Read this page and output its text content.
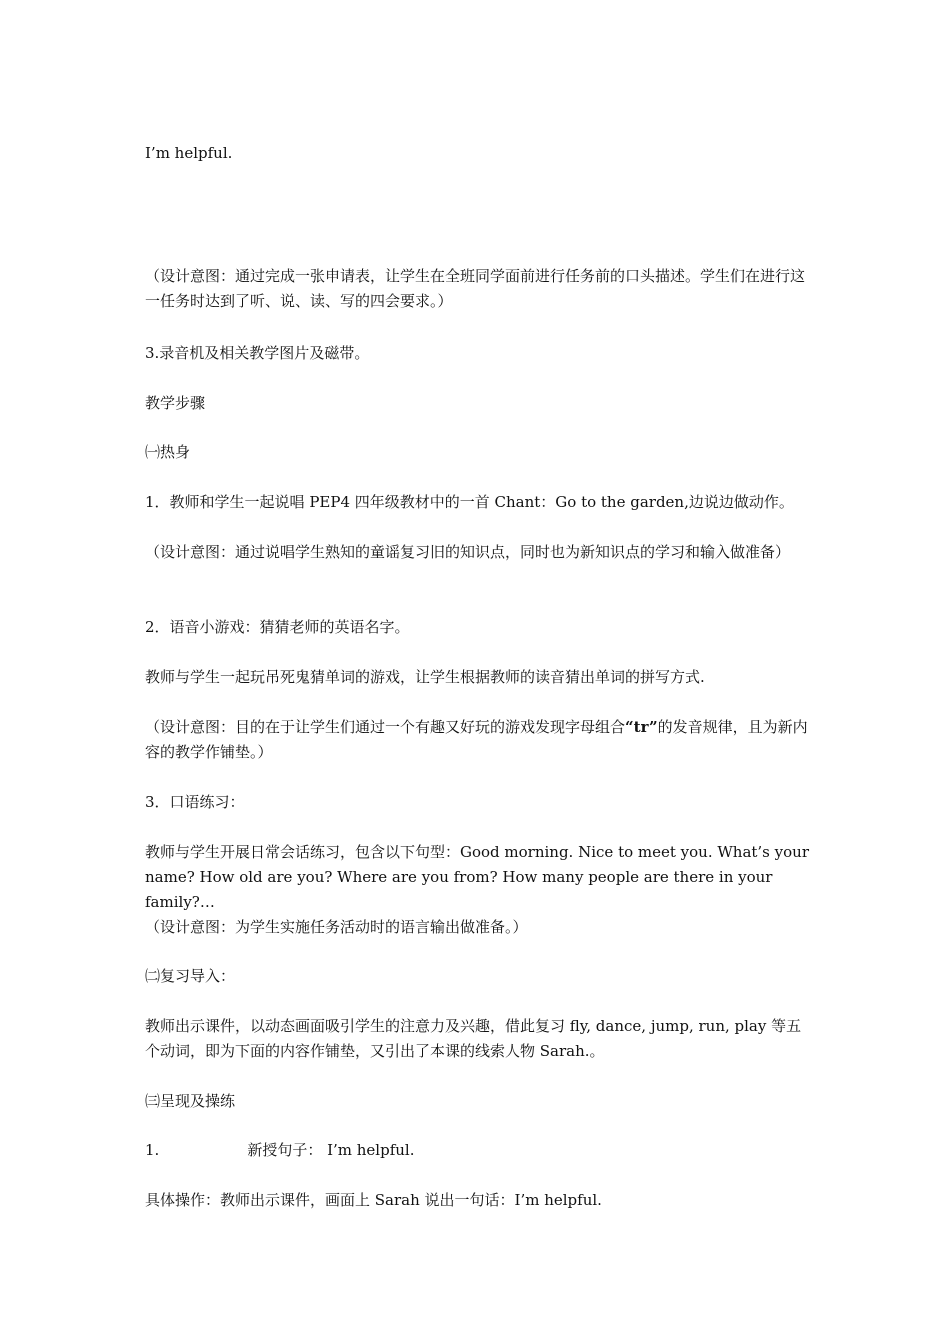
I’m helpful.
（设计意图：通过完成一张申请表，让学生在全班同学面前进行任务前的口头描述。学生们在进行这一任务时达到了听、说、读、写的四会要求。）
3.录音机及相关教学图片及磁带。
教学步骤
㈠热身
1．教师和学生一起说唱 PEP4 四年级教材中的一首 Chant：Go to the garden,边说边做动作。
（设计意图：通过说唱学生熟知的童谣复习旧的知识点，同时也为新知识点的学习和输入做准备）
2．语音小游戏：猜猜老师的英语名字。
教师与学生一起玩吊死鬼猜单词的游戏，让学生根据教师的读音猜出单词的拼写方式.
（设计意图：目的在于让学生们通过一个有趣又好玩的游戏发现字母组合“tr”的发音规律，且为新内容的教学作铺垫。）
3．口语练习：
教师与学生开展日常会话练习，包含以下句型：Good morning. Nice to meet you. What’s your name? How old are you? Where are you from? How many people are there in your family?…
（设计意图：为学生实施任务活动时的语言输出做准备。）
㈡复习导入：
教师出示课件，以动态画面吸引学生的注意力及兴趣，借此复习 fly, dance, jump, run, play 等五个动词，即为下面的内容作铺垫，又引出了本课的线索人物 Sarah.。
㈢呈现及操练
1.	新授句子： I’m helpful.
具体操作：教师出示课件，画面上 Sarah 说出一句话：I’m helpful.
